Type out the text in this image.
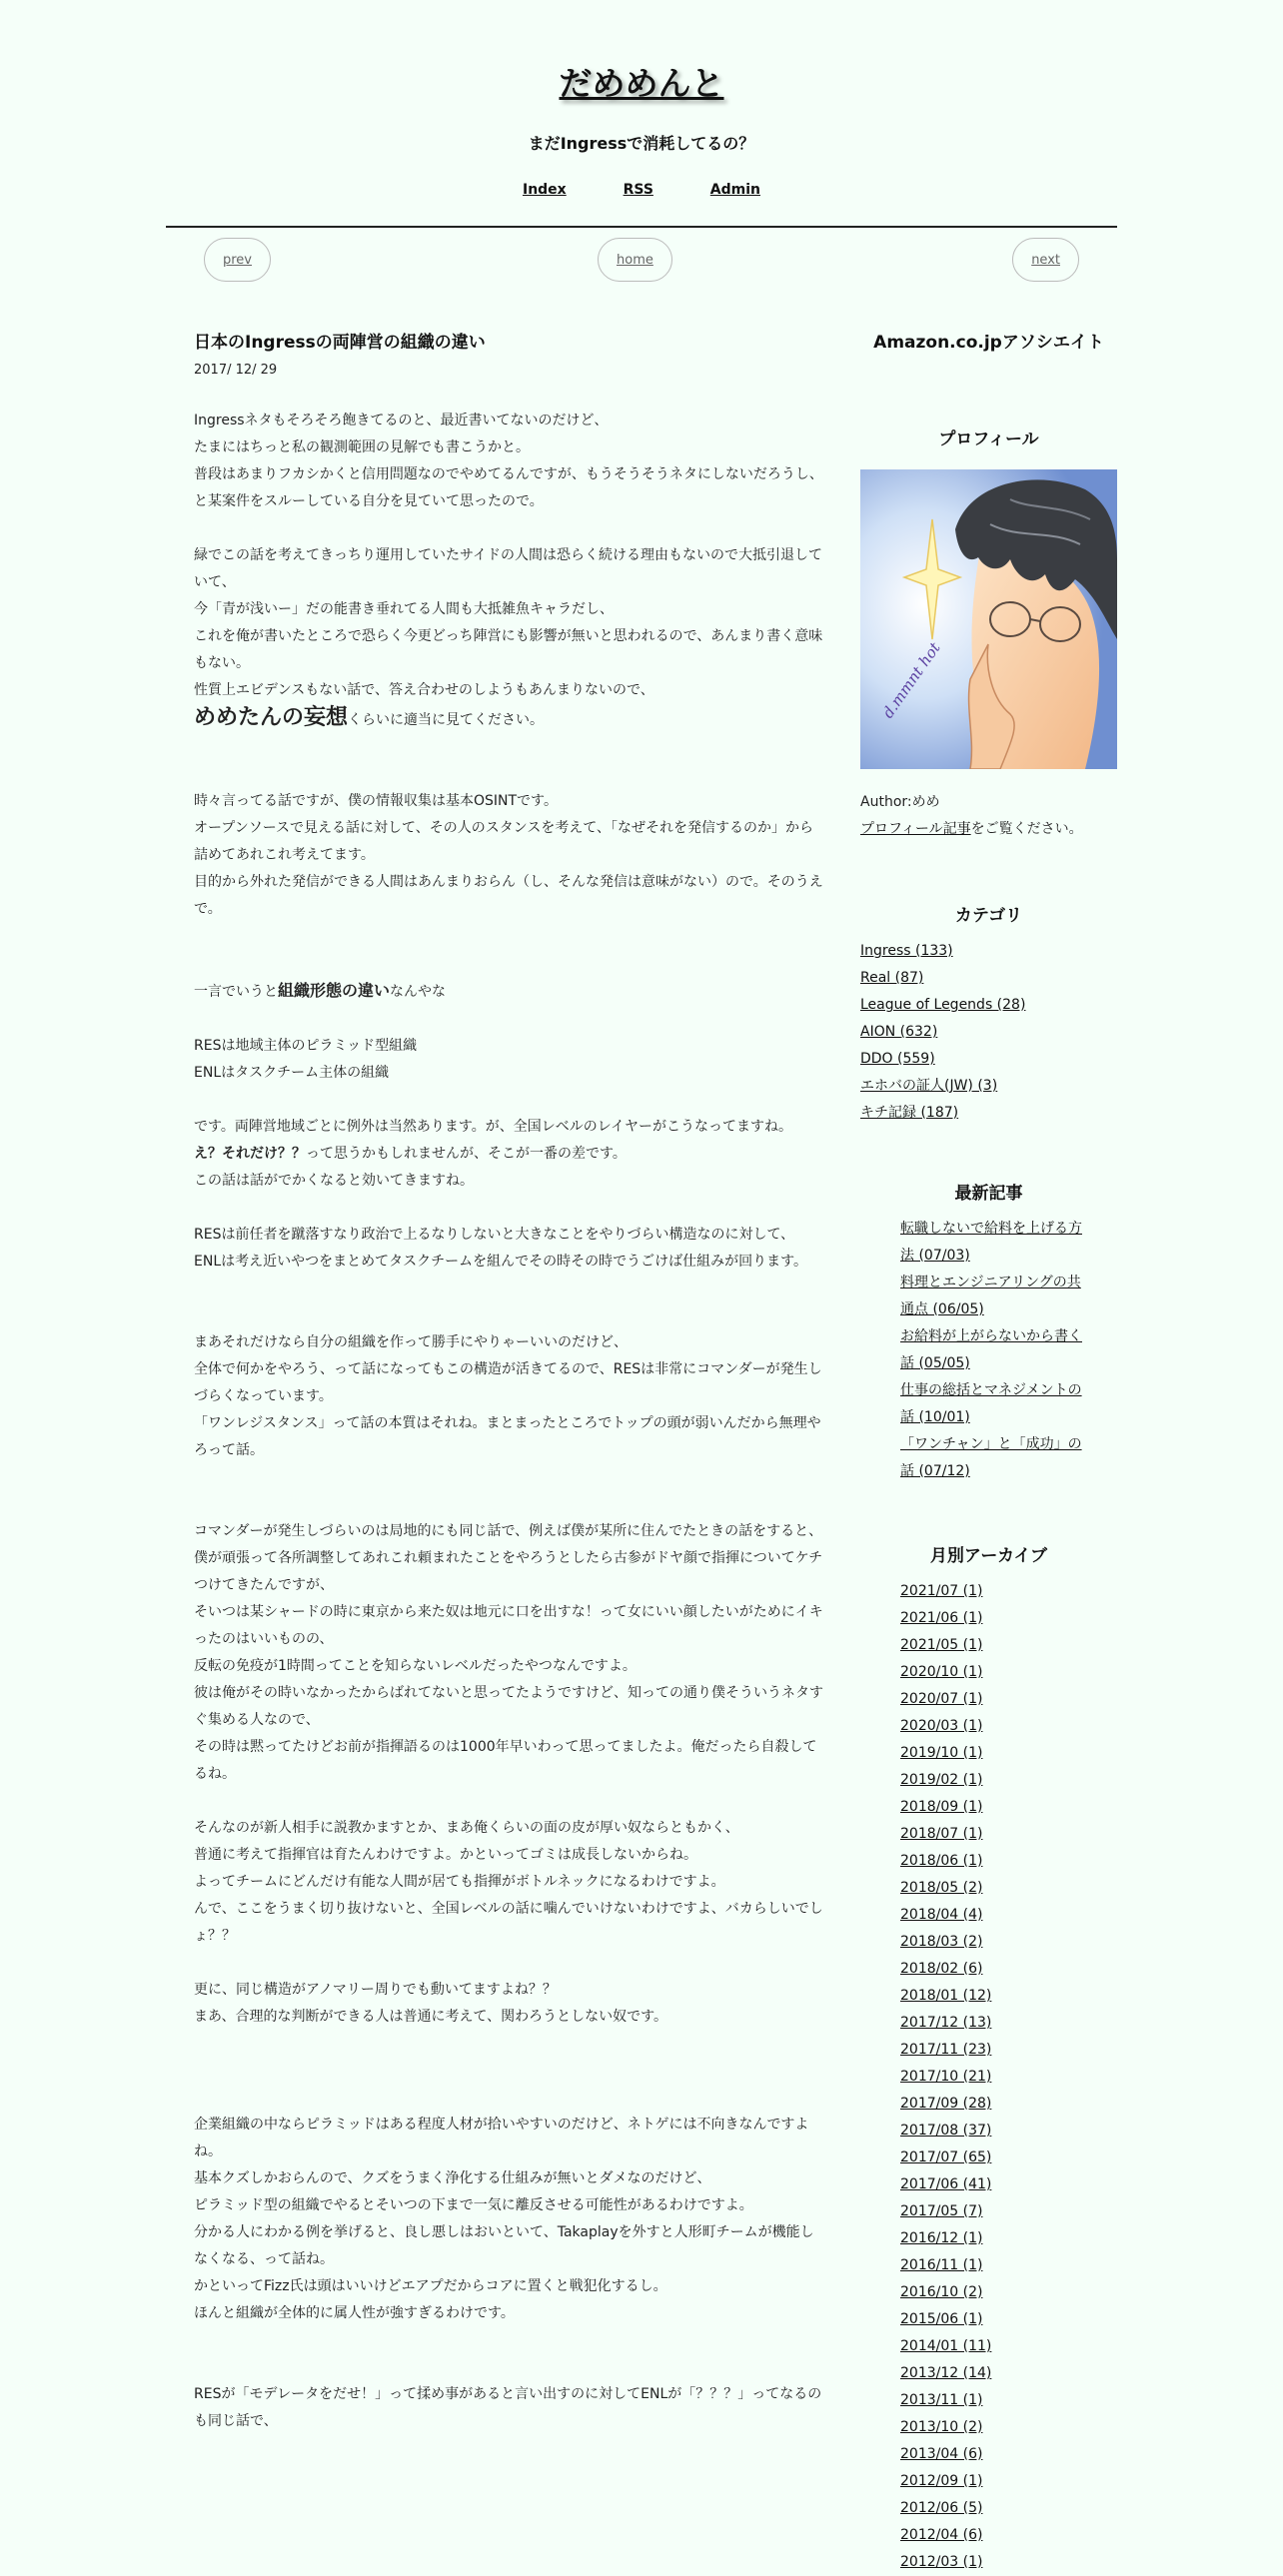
だめめんと
まだIngressで消耗してるの？
Index	RSS	Admin
prev	home	next
日本のIngressの両陣営の組織の違い
2017/ 12/ 29

Ingressネタもそろそろ飽きてるのと、最近書いてないのだけど、

たまにはちっと私の観測範囲の見解でも書こうかと。

普段はあまりフカシかくと信用問題なのでやめてるんですが、もうそうそうネタにしないだろうし、

と某案件をスルーしている自分を見ていて思ったので。

緑でこの話を考えてきっちり運用していたサイドの人間は恐らく続ける理由もないので大抵引退していて、

今「青が浅いー」だの能書き垂れてる人間も大抵雑魚キャラだし、

これを俺が書いたところで恐らく今更どっち陣営にも影響が無いと思われるので、あんまり書く意味もない。

性質上エビデンスもない話で、答え合わせのしようもあんまりないので、

めめたんの妄想くらいに適当に見てください。

時々言ってる話ですが、僕の情報収集は基本OSINTです。

オープンソースで見える話に対して、その人のスタンスを考えて、「なぜそれを発信するのか」から詰めてあれこれ考えてます。

目的から外れた発信ができる人間はあんまりおらん（し、そんな発信は意味がない）ので。そのうえで。

一言でいうと組織形態の違いなんやな

RESは地域主体のピラミッド型組織

ENLはタスクチーム主体の組織

です。両陣営地域ごとに例外は当然あります。が、全国レベルのレイヤーがこうなってますね。

え？それだけ？？って思うかもしれませんが、そこが一番の差です。

この話は話がでかくなると効いてきますね。

RESは前任者を蹴落すなり政治で上るなりしないと大きなことをやりづらい構造なのに対して、

ENLは考え近いやつをまとめてタスクチームを組んでその時その時でうごけば仕組みが回ります。

まあそれだけなら自分の組織を作って勝手にやりゃーいいのだけど、

全体で何かをやろう、って話になってもこの構造が活きてるので、RESは非常にコマンダーが発生しづらくなっています。

「ワンレジスタンス」って話の本質はそれね。まとまったところでトップの頭が弱いんだから無理やろって話。

コマンダーが発生しづらいのは局地的にも同じ話で、例えば僕が某所に住んでたときの話をすると、

僕が頑張って各所調整してあれこれ頼まれたことをやろうとしたら古参がドヤ顔で指揮についてケチつけてきたんですが、

そいつは某シャードの時に東京から来た奴は地元に口を出すな！って女にいい顔したいがためにイキったのはいいものの、

反転の免疫が1時間ってことを知らないレベルだったやつなんですよ。

彼は俺がその時いなかったからばれてないと思ってたようですけど、知っての通り僕そういうネタすぐ集める人なので、

その時は黙ってたけどお前が指揮語るのは1000年早いわって思ってましたよ。俺だったら自殺してるね。

そんなのが新人相手に説教かますとか、まあ俺くらいの面の皮が厚い奴ならともかく、

普通に考えて指揮官は育たんわけですよ。かといってゴミは成長しないからね。

よってチームにどんだけ有能な人間が居ても指揮がボトルネックになるわけですよ。

んで、ここをうまく切り抜けないと、全国レベルの話に噛んでいけないわけですよ、バカらしいでしょ？？

更に、同じ構造がアノマリー周りでも動いてますよね？？

まあ、合理的な判断ができる人は普通に考えて、関わろうとしない奴です。

企業組織の中ならピラミッドはある程度人材が拾いやすいのだけど、ネトゲには不向きなんですよね。

基本クズしかおらんので、クズをうまく浄化する仕組みが無いとダメなのだけど、

ピラミッド型の組織でやるとそいつの下まで一気に離反させる可能性があるわけですよ。

分かる人にわかる例を挙げると、良し悪しはおいといて、Takaplayを外すと人形町チームが機能しなくなる、って話ね。

かといってFizz氏は頭はいいけどエアプだからコアに置くと戦犯化するし。

ほんと組織が全体的に属人性が強すぎるわけです。

RESが「モデレータをだせ！」って揉め事があると言い出すのに対してENLが「？？？」ってなるのも同じ話で、

Amazon.co.jpアソシエイト
プロフィール
d.mmnt hot
Author:めめ
プロフィール記事をご覧ください。
カテゴリ
Ingress (133)
Real (87)
League of Legends (28)
AION (632)
DDO (559)
エホバの証人(JW) (3)
キチ記録 (187)
最新記事
転職しないで給料を上げる方
法 (07/03)
料理とエンジニアリングの共
通点 (06/05)
お給料が上がらないから書く
話 (05/05)
仕事の総括とマネジメントの
話 (10/01)
「ワンチャン」と「成功」の
話 (07/12)
月別アーカイブ
2021/07 (1)
2021/06 (1)
2021/05 (1)
2020/10 (1)
2020/07 (1)
2020/03 (1)
2019/10 (1)
2019/02 (1)
2018/09 (1)
2018/07 (1)
2018/06 (1)
2018/05 (2)
2018/04 (4)
2018/03 (2)
2018/02 (6)
2018/01 (12)
2017/12 (13)
2017/11 (23)
2017/10 (21)
2017/09 (28)
2017/08 (37)
2017/07 (65)
2017/06 (41)
2017/05 (7)
2016/12 (1)
2016/11 (1)
2016/10 (2)
2015/06 (1)
2014/01 (11)
2013/12 (14)
2013/11 (1)
2013/10 (2)
2013/04 (6)
2012/09 (1)
2012/06 (5)
2012/04 (6)
2012/03 (1)
